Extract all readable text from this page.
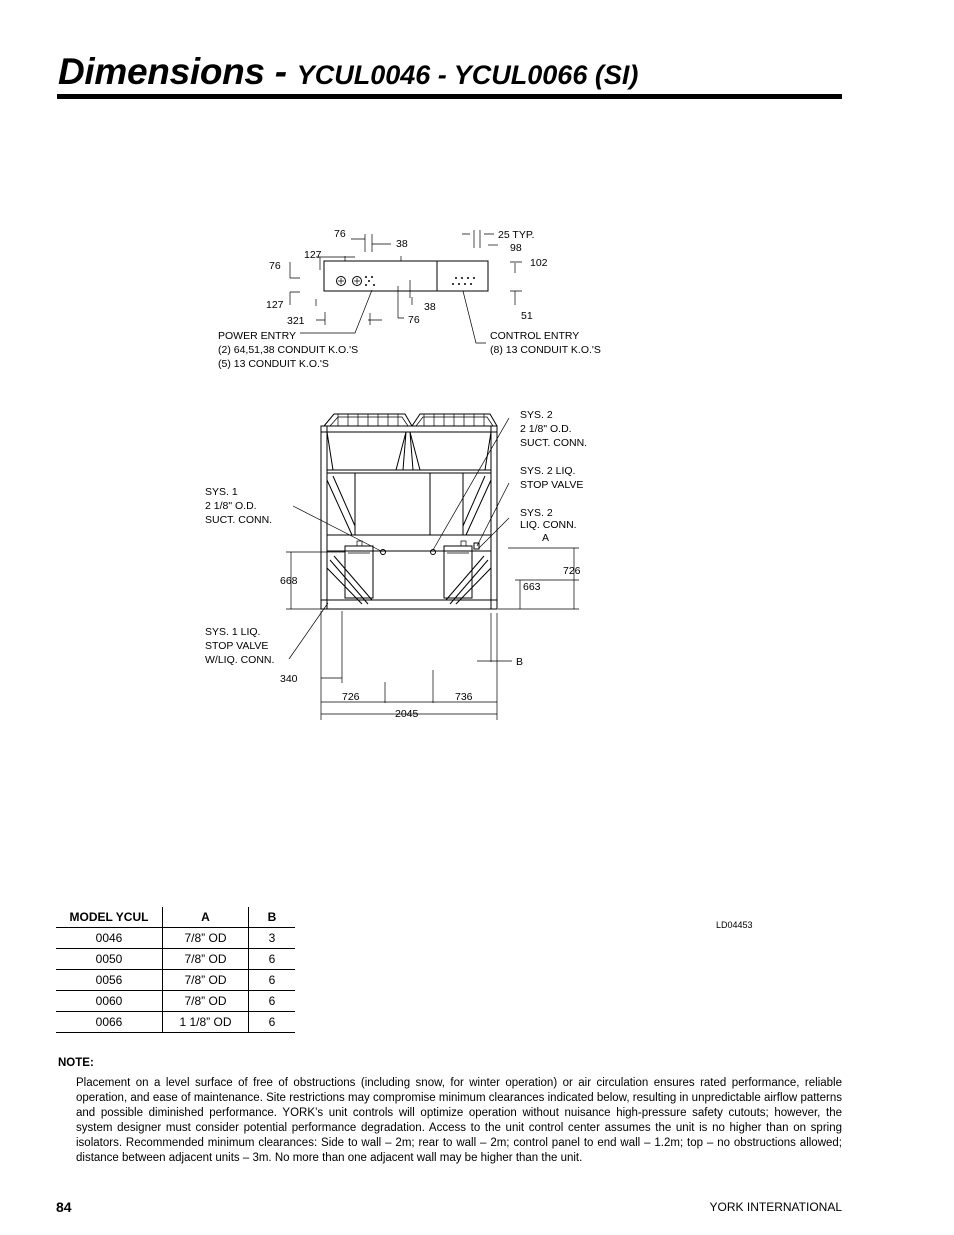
Dimensions - YCUL0046 - YCUL0066 (SI)
76
38
127
76
127
321
38
76
25 TYP.
98
102
51
POWER ENTRY
(2) 64,51,38 CONDUIT K.O.'S
(5) 13 CONDUIT K.O.'S
CONTROL ENTRY
(8) 13 CONDUIT K.O.'S
SYS. 2
2 1/8" O.D.
SUCT. CONN.
SYS. 2 LIQ.
STOP VALVE
SYS. 2
LIQ. CONN.
A
SYS. 1
2 1/8" O.D.
SUCT. CONN.
SYS. 1 LIQ.
STOP VALVE
W/LIQ. CONN.	B
668	663
726
340
726	736
2045
MODEL YCUL	A	B
0046	7/8” OD	3
0050	7/8” OD	6
0056	7/8” OD	6
0060	7/8” OD	6
0066	1 1/8” OD	6
LD04453
NOTE:

Placement on a level surface of free of obstructions (including snow, for winter operation) or air circulation ensures rated performance, reliable operation, and ease of maintenance. Site restrictions may compromise minimum clearances indicated below, resulting in unpredictable airflow patterns and possible diminished performance. YORK’s unit controls will optimize operation without nuisance high-pressure safety cutouts; however, the system designer must consider potential performance degradation. Access to the unit control center assumes the unit is no higher than on spring isolators. Recommended minimum clearances: Side to wall – 2m; rear to wall – 2m; control panel to end wall – 1.2m; top – no obstructions allowed; distance between adjacent units – 3m. No more than one adjacent wall may be higher than the unit.

84	YORK INTERNATIONAL
